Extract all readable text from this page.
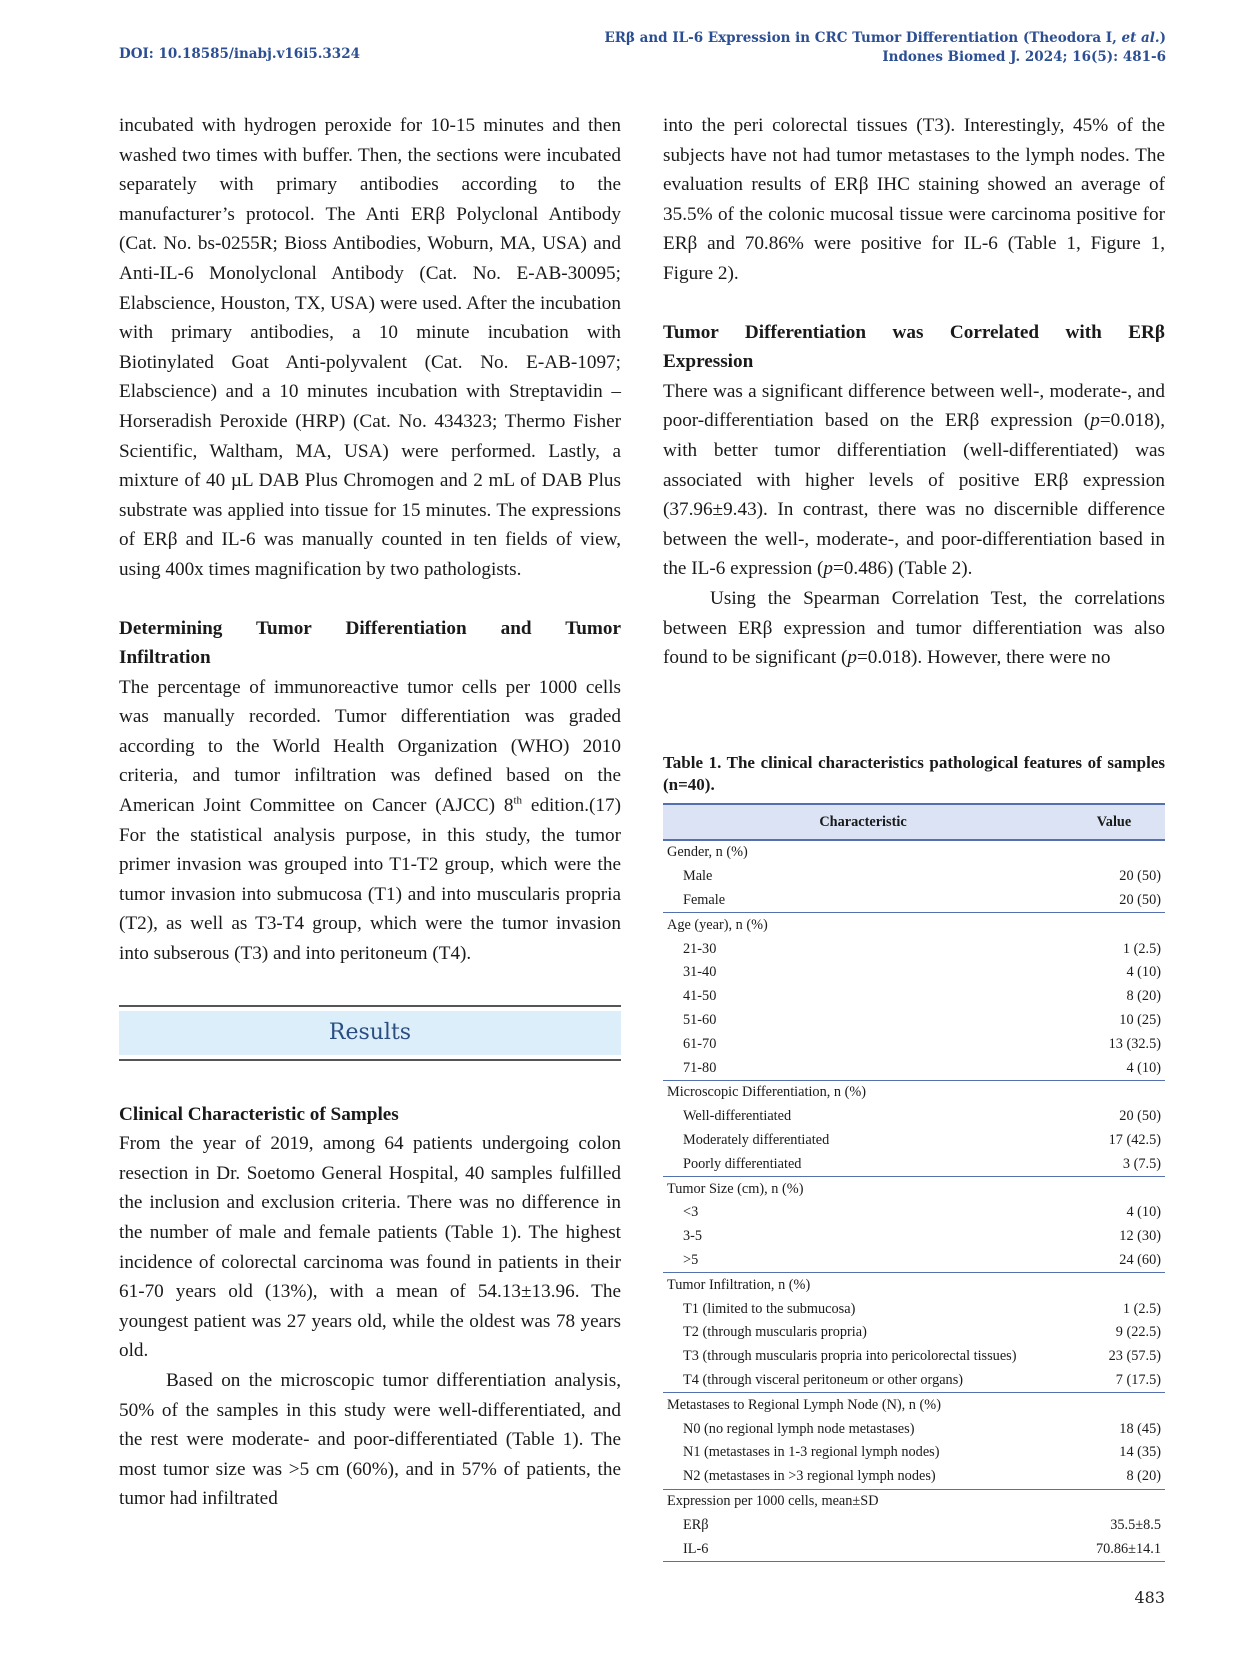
DOI: 10.18585/inabj.v16i5.3324
ERβ and IL-6 Expression in CRC Tumor Differentiation (Theodora I, et al.)
Indones Biomed J. 2024; 16(5): 481-6

incubated with hydrogen peroxide for 10-15 minutes and then washed two times with buffer. Then, the sections were incubated separately with primary antibodies according to the manufacturer’s protocol. The Anti ERβ Polyclonal Antibody (Cat. No. bs-0255R; Bioss Antibodies, Woburn, MA, USA) and Anti-IL-6 Monolyclonal Antibody (Cat. No. E-AB-30095; Elabscience, Houston, TX, USA) were used. After the incubation with primary antibodies, a 10 minute incubation with Biotinylated Goat Anti-polyvalent (Cat. No. E-AB-1097; Elabscience) and a 10 minutes incubation with Streptavidin – Horseradish Peroxide (HRP) (Cat. No. 434323; Thermo Fisher Scientific, Waltham, MA, USA) were performed. Lastly, a mixture of 40 µL DAB Plus Chromogen and 2 mL of DAB Plus substrate was applied into tissue for 15 minutes. The expressions of ERβ and IL-6 was manually counted in ten fields of view, using 400x times magnification by two pathologists.

Determining Tumor Differentiation and Tumor
Infiltration

The percentage of immunoreactive tumor cells per 1000 cells was manually recorded. Tumor differentiation was graded according to the World Health Organization (WHO) 2010 criteria, and tumor infiltration was defined based on the American Joint Committee on Cancer (AJCC) 8th edition.(17) For the statistical analysis purpose, in this study, the tumor primer invasion was grouped into T1-T2 group, which were the tumor invasion into submucosa (T1) and into muscularis propria (T2), as well as T3-T4 group, which were the tumor invasion into subserous (T3) and into peritoneum (T4).

Results
Clinical Characteristic of Samples

From the year of 2019, among 64 patients undergoing colon resection in Dr. Soetomo General Hospital, 40 samples fulfilled the inclusion and exclusion criteria. There was no difference in the number of male and female patients (Table 1). The highest incidence of colorectal carcinoma was found in patients in their 61-70 years old (13%), with a mean of 54.13±13.96. The youngest patient was 27 years old, while the oldest was 78 years old.

Based on the microscopic tumor differentiation analysis, 50% of the samples in this study were well-differentiated, and the rest were moderate- and poor-differentiated (Table 1). The most tumor size was >5 cm (60%), and in 57% of patients, the tumor had infiltrated

into the peri colorectal tissues (T3). Interestingly, 45% of the subjects have not had tumor metastases to the lymph nodes. The evaluation results of ERβ IHC staining showed an average of 35.5% of the colonic mucosal tissue were carcinoma positive for ERβ and 70.86% were positive for IL-6 (Table 1, Figure 1, Figure 2).

Tumor Differentiation was Correlated with ERβ
Expression

There was a significant difference between well-, moderate-, and poor-differentiation based on the ERβ expression (p=0.018), with better tumor differentiation (well-differentiated) was associated with higher levels of positive ERβ expression (37.96±9.43). In contrast, there was no discernible difference between the well-, moderate-, and poor-differentiation based in the IL-6 expression (p=0.486) (Table 2).

Using the Spearman Correlation Test, the correlations between ERβ expression and tumor differentiation was also found to be significant (p=0.018). However, there were no

Table 1. The clinical characteristics pathological features of samples (n=40).
Characteristic	Value
Gender, n (%)	
Male	20 (50)
Female	20 (50)
Age (year), n (%)	
21-30	1 (2.5)
31-40	4 (10)
41-50	8 (20)
51-60	10 (25)
61-70	13 (32.5)
71-80	4 (10)
Microscopic Differentiation, n (%)	
Well-differentiated	20 (50)
Moderately differentiated	17 (42.5)
Poorly differentiated	3 (7.5)
Tumor Size (cm), n (%)	
<3	4 (10)
3-5	12 (30)
>5	24 (60)
Tumor Infiltration, n (%)	
T1 (limited to the submucosa)	1 (2.5)
T2 (through muscularis propria)	9 (22.5)
T3 (through muscularis propria into pericolorectal tissues)	23 (57.5)
T4 (through visceral peritoneum or other organs)	7 (17.5)
Metastases to Regional Lymph Node (N), n (%)	
N0 (no regional lymph node metastases)	18 (45)
N1 (metastases in 1-3 regional lymph nodes)	14 (35)
N2 (metastases in >3 regional lymph nodes)	8 (20)
Expression per 1000 cells, mean±SD	
ERβ	35.5±8.5
IL-6	70.86±14.1
483
